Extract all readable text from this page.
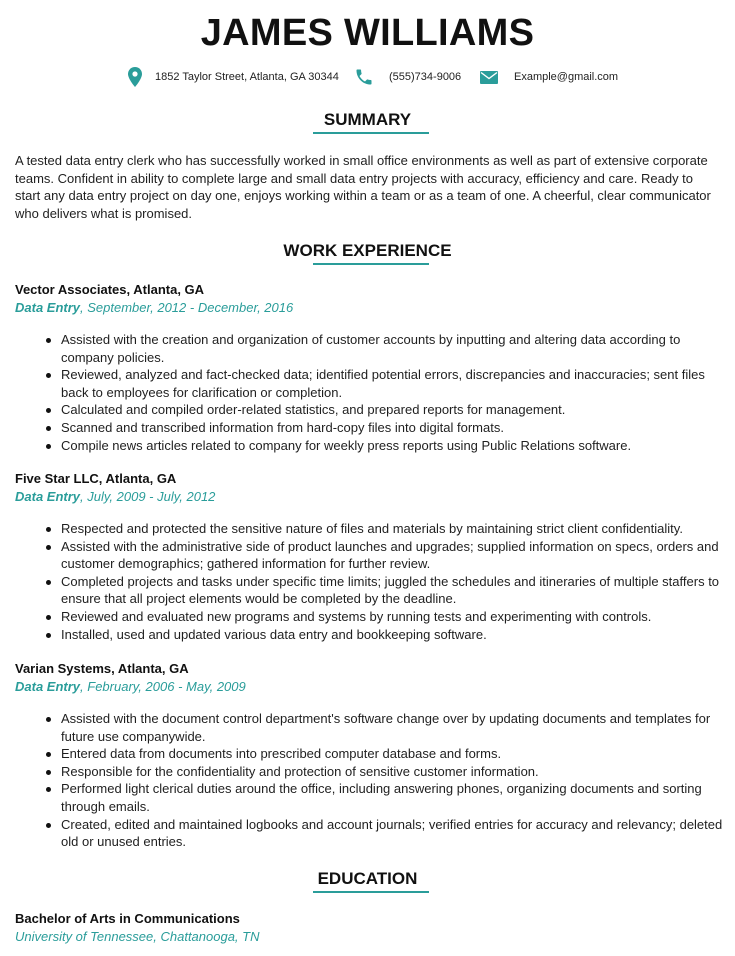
JAMES WILLIAMS
1852 Taylor Street, Atlanta, GA 30344	(555)734-9006	Example@gmail.com
SUMMARY
A tested data entry clerk who has successfully worked in small office environments as well as part of extensive corporate teams. Confident in ability to complete large and small data entry projects with accuracy, efficiency and care. Ready to start any data entry project on day one, enjoys working within a team or as a team of one. A cheerful, clear communicator who delivers what is promised.
WORK EXPERIENCE
Vector Associates, Atlanta, GA
Data Entry, September, 2012 - December, 2016
Assisted with the creation and organization of customer accounts by inputting and altering data according to company policies.
Reviewed, analyzed and fact-checked data; identified potential errors, discrepancies and inaccuracies; sent files back to employees for clarification or completion.
Calculated and compiled order-related statistics, and prepared reports for management.
Scanned and transcribed information from hard-copy files into digital formats.
Compile news articles related to company for weekly press reports using Public Relations software.
Five Star LLC, Atlanta, GA
Data Entry, July, 2009 - July, 2012
Respected and protected the sensitive nature of files and materials by maintaining strict client confidentiality.
Assisted with the administrative side of product launches and upgrades; supplied information on specs, orders and customer demographics; gathered information for further review.
Completed projects and tasks under specific time limits; juggled the schedules and itineraries of multiple staffers to ensure that all project elements would be completed by the deadline.
Reviewed and evaluated new programs and systems by running tests and experimenting with controls.
Installed, used and updated various data entry and bookkeeping software.
Varian Systems, Atlanta, GA
Data Entry, February, 2006 - May, 2009
Assisted with the document control department's software change over by updating documents and templates for future use companywide.
Entered data from documents into prescribed computer database and forms.
Responsible for the confidentiality and protection of sensitive customer information.
Performed light clerical duties around the office, including answering phones, organizing documents and sorting through emails.
Created, edited and maintained logbooks and account journals; verified entries for accuracy and relevancy; deleted old or unused entries.
EDUCATION
Bachelor of Arts in Communications
University of Tennessee, Chattanooga, TN
